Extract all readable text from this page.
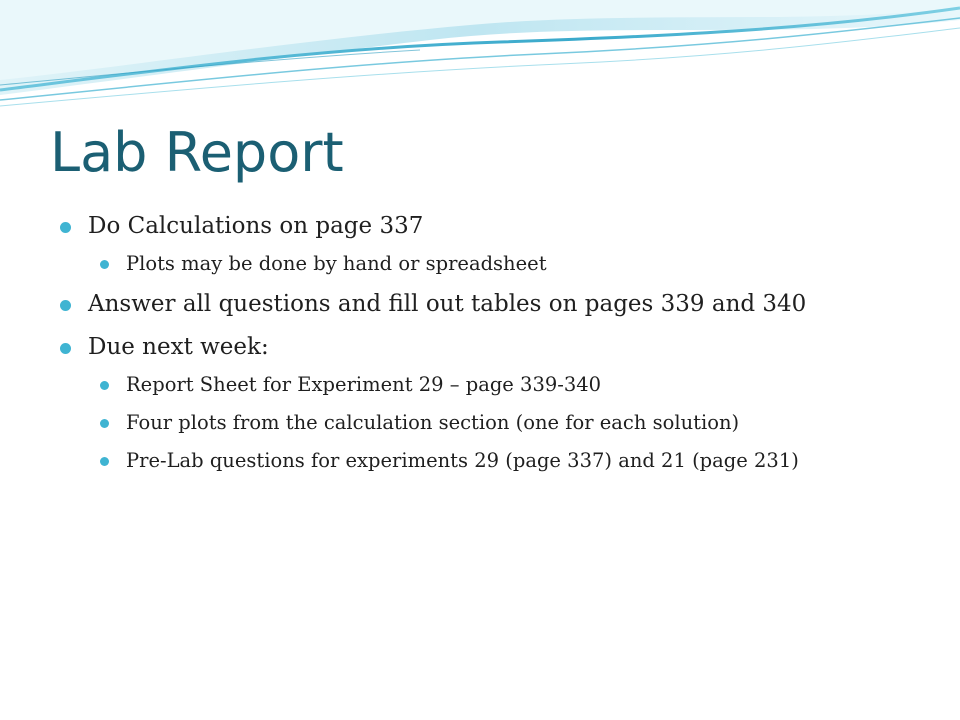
Lab Report
Do Calculations on page 337
Plots may be done by hand or spreadsheet
Answer all questions and fill out tables on pages 339 and 340
Due next week:
Report Sheet for Experiment 29 – page 339-340
Four plots from the calculation section (one for each solution)
Pre-Lab questions for experiments 29 (page 337) and 21 (page 231)
